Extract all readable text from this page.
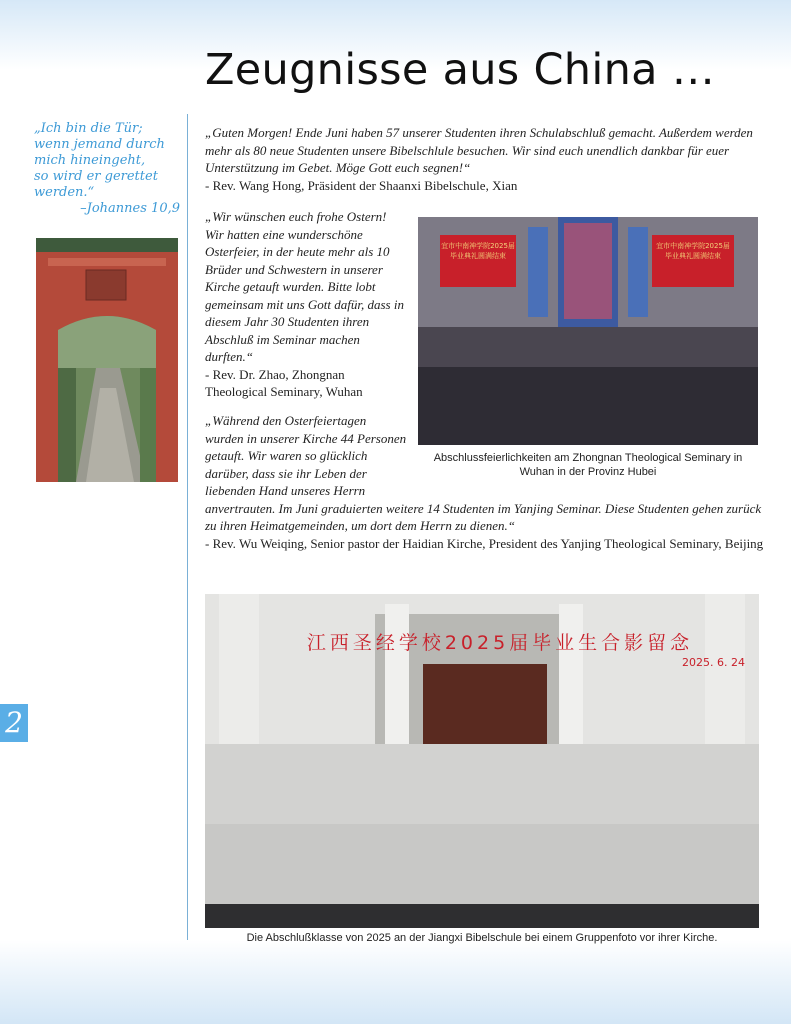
Zeugnisse aus China …
„Ich bin die Tür;
wenn jemand durch
mich hineingeht,
so wird er gerettet
werden.“
–Johannes 10,9
„Guten Morgen! Ende Juni haben 57 unserer Studenten ihren Schulabschluß gemacht. Außerdem werden mehr als 80 neue Studenten unsere Bibelschlule besuchen. Wir sind euch unendlich dankbar für euer Unterstützung im Gebet. Möge Gott euch segnen!“
- Rev. Wang Hong, Präsident der Shaanxi Bibelschule, Xian
„Wir wünschen euch frohe Ostern! Wir hatten eine wunderschöne Osterfeier, in der heute mehr als 10 Brüder und Schwestern in unserer Kirche getauft wurden. Bitte lobt gemeinsam mit uns Gott dafür, dass in diesem Jahr 30 Studenten ihren Abschluß im Seminar machen durften.“
- Rev. Dr. Zhao, Zhongnan Theological Seminary, Wuhan
„Während den Osterfeiertagen wurden in unserer Kirche 44 Personen getauft. Wir waren so glücklich darüber, dass sie ihr Leben der liebenden Hand unseres Herrn
anvertrauten. Im Juni graduierten weitere 14 Studenten im Yanjing Seminar. Diese Studenten gehen zurück zu ihren Heimatgemeinden, um dort dem Herrn zu dienen.“
- Rev. Wu Weiqing, Senior pastor der Haidian Kirche, President des Yanjing Theological Seminary, Beijing
宜市中南神学院2025届 毕业典礼圆满结束
宜市中南神学院2025届 毕业典礼圆满结束
Abschlussfeierlichkeiten am Zhongnan Theological Seminary in Wuhan in der Provinz Hubei
江西圣经学校2025届毕业生合影留念
2025. 6. 24
Die Abschlußklasse von 2025 an der Jiangxi Bibelschule bei einem Gruppenfoto vor ihrer Kirche.
2
